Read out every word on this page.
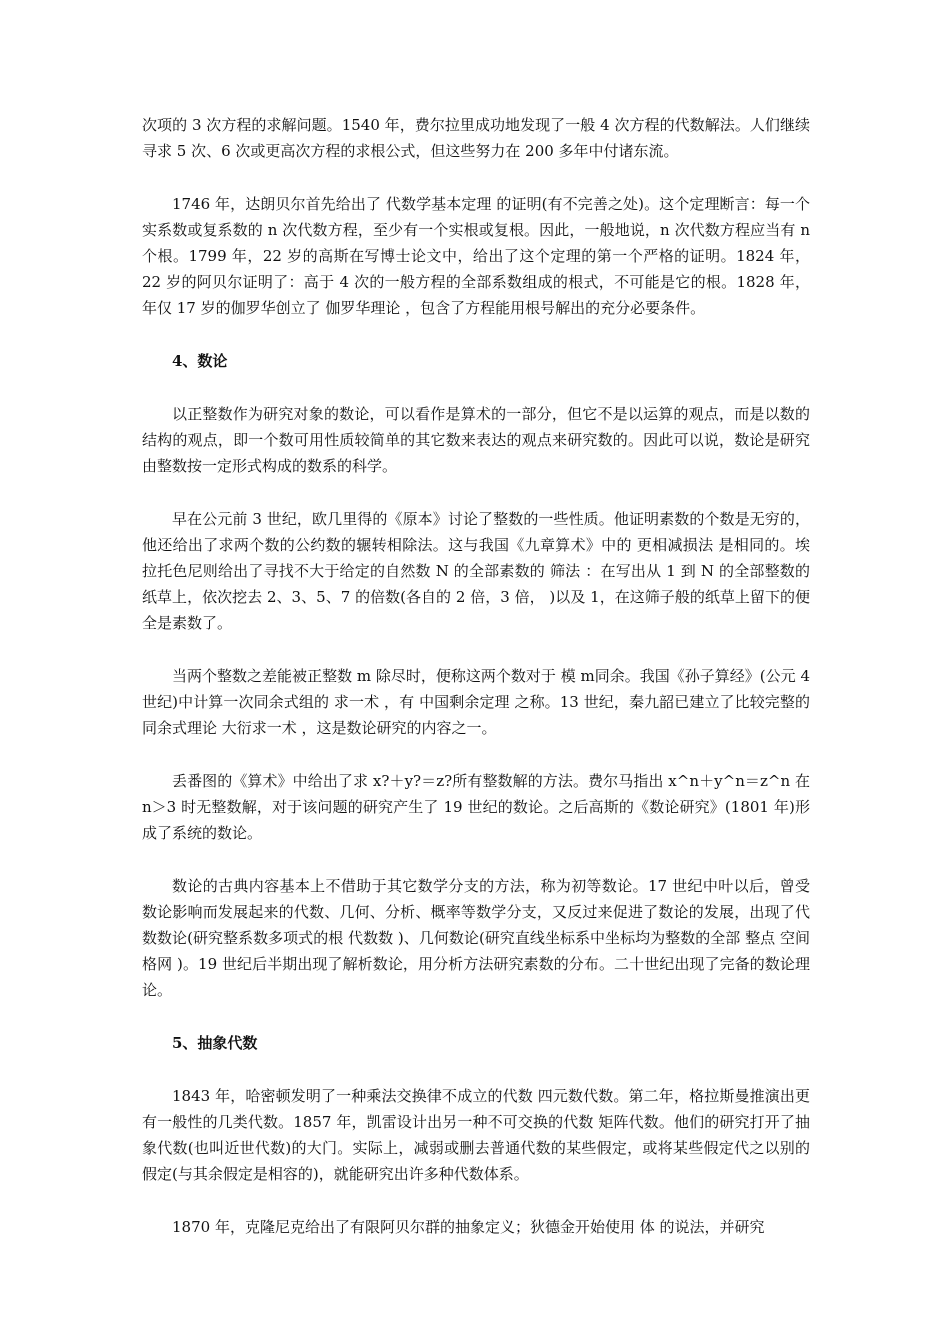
次项的 3 次方程的求解问题。1540 年，费尔拉里成功地发现了一般 4 次方程的代数解法。人们继续寻求 5 次、6 次或更高次方程的求根公式，但这些努力在 200 多年中付诸东流。

1746 年，达朗贝尔首先给出了 代数学基本定理 的证明(有不完善之处)。这个定理断言：每一个实系数或复系数的 n 次代数方程，至少有一个实根或复根。因此，一般地说，n 次代数方程应当有 n 个根。1799 年，22 岁的高斯在写博士论文中，给出了这个定理的第一个严格的证明。1824 年，22 岁的阿贝尔证明了：高于 4 次的一般方程的全部系数组成的根式，不可能是它的根。1828 年，年仅 17 岁的伽罗华创立了 伽罗华理论 ，包含了方程能用根号解出的充分必要条件。

4、数论

以正整数作为研究对象的数论，可以看作是算术的一部分，但它不是以运算的观点，而是以数的结构的观点，即一个数可用性质较简单的其它数来表达的观点来研究数的。因此可以说，数论是研究由整数按一定形式构成的数系的科学。

早在公元前 3 世纪，欧几里得的《原本》讨论了整数的一些性质。他证明素数的个数是无穷的，他还给出了求两个数的公约数的辗转相除法。这与我国《九章算术》中的 更相减损法 是相同的。埃拉托色尼则给出了寻找不大于给定的自然数 N 的全部素数的 筛法 ：在写出从 1 到 N 的全部整数的纸草上，依次挖去 2、3、5、7 的倍数(各自的 2 倍，3 倍， )以及 1，在这筛子般的纸草上留下的便全是素数了。

当两个整数之差能被正整数 m 除尽时，便称这两个数对于 模 m同余。我国《孙子算经》(公元 4 世纪)中计算一次同余式组的 求一术 ，有 中国剩余定理 之称。13 世纪，秦九韶已建立了比较完整的同余式理论 大衍求一术 ，这是数论研究的内容之一。

丢番图的《算术》中给出了求 x?＋y?＝z?所有整数解的方法。费尔马指出 x^n＋y^n＝z^n 在 n＞3 时无整数解，对于该问题的研究产生了 19 世纪的数论。之后高斯的《数论研究》(1801 年)形成了系统的数论。

数论的古典内容基本上不借助于其它数学分支的方法，称为初等数论。17 世纪中叶以后，曾受数论影响而发展起来的代数、几何、分析、概率等数学分支，又反过来促进了数论的发展，出现了代数数论(研究整系数多项式的根 代数数 )、几何数论(研究直线坐标系中坐标均为整数的全部 整点 空间格网 )。19 世纪后半期出现了解析数论，用分析方法研究素数的分布。二十世纪出现了完备的数论理论。

5、抽象代数

1843 年，哈密顿发明了一种乘法交换律不成立的代数 四元数代数。第二年，格拉斯曼推演出更有一般性的几类代数。1857 年，凯雷设计出另一种不可交换的代数 矩阵代数。他们的研究打开了抽象代数(也叫近世代数)的大门。实际上，减弱或删去普通代数的某些假定，或将某些假定代之以别的假定(与其余假定是相容的)，就能研究出许多种代数体系。

1870 年，克隆尼克给出了有限阿贝尔群的抽象定义；狄德金开始使用 体 的说法，并研究
